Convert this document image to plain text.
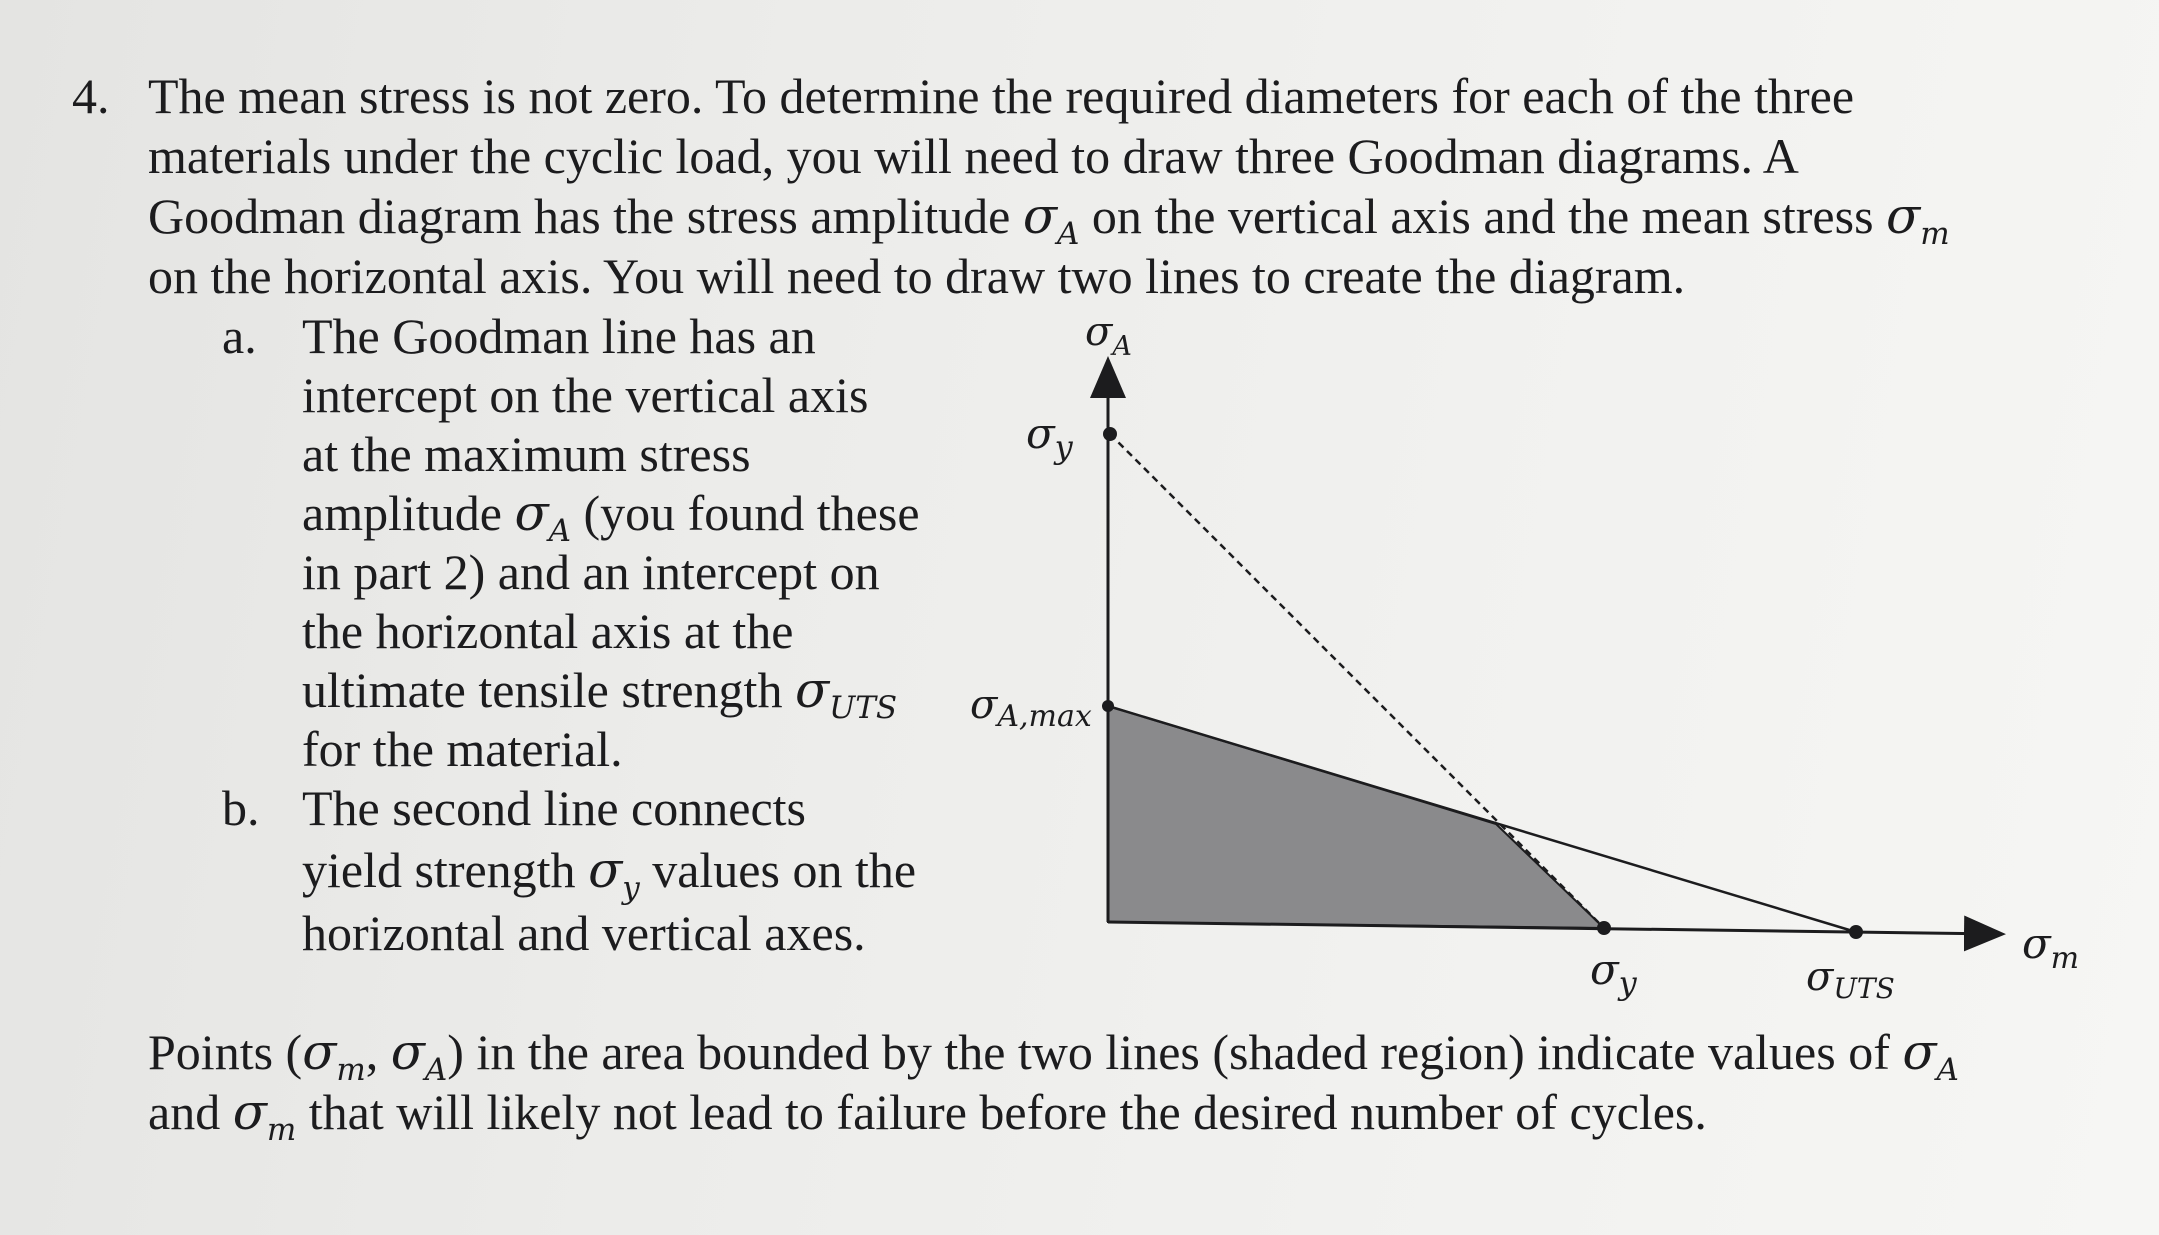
4. The mean stress is not zero. To determine the required diameters for each of the three
materials under the cyclic load, you will need to draw three Goodman diagrams. A
Goodman diagram has the stress amplitude $\sigma_A$ on the vertical axis and the mean stress $\sigma_m$
on the horizontal axis. You will need to draw two lines to create the diagram.
a. The Goodman line has an
intercept on the vertical axis
at the maximum stress
amplitude $\sigma_A$ (you found these
in part 2) and an intercept on
the horizontal axis at the
ultimate tensile strength $\sigma_{UTS}$
for the material.
b. The second line connects
yield strength $\sigma_y$ values on the
horizontal and vertical axes.
$\sigma_A$
$\sigma_m$
$\sigma_y$
$\sigma_{A,max}$
$\sigma_y$	$\sigma_{UTS}$
Points ($\sigma_m$, $\sigma_A$) in the area bounded by the two lines (shaded region) indicate values of $\sigma_A$
and $\sigma_m$ that will likely not lead to failure before the desired number of cycles.
